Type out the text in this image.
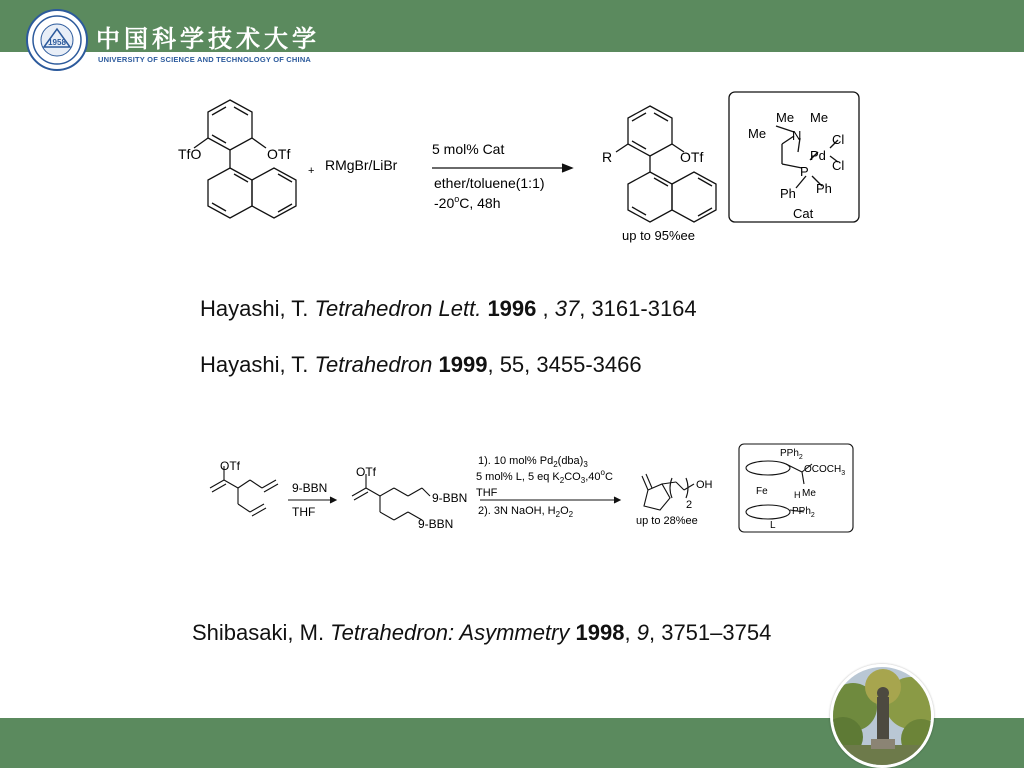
1958 中国科学技术大学
UNIVERSITY OF SCIENCE AND TECHNOLOGY OF CHINA
TfO	OTf
+ RMgBr/LiBr
5 mol% Cat
ether/toluene(1:1)
-20$^o$C, 48h
R	OTf
up to 95%ee
Me Me
Me N
Pd
Cl
Cl
P
Ph Ph
Cat
Hayashi, T. Tetrahedron Lett. 1996 , 37, 3161-3164
Hayashi, T. Tetrahedron 1999, 55, 3455-3466
OTf
9-BBN
THF
OTf
9-BBN
9-BBN
1). 10 mol% $Pd_2(dba)_3$
5 mol% L, 5 eq $K_2CO_3,40^oC$
THF
2). 3N NaOH, $H_2O_2$
OH
2
up to 28%ee
PPh$_2$
$OCOCH_3$
Fe	H Me
PPh$_2$
L
Shibasaki, M. Tetrahedron: Asymmetry 1998, 9, 3751–3754
